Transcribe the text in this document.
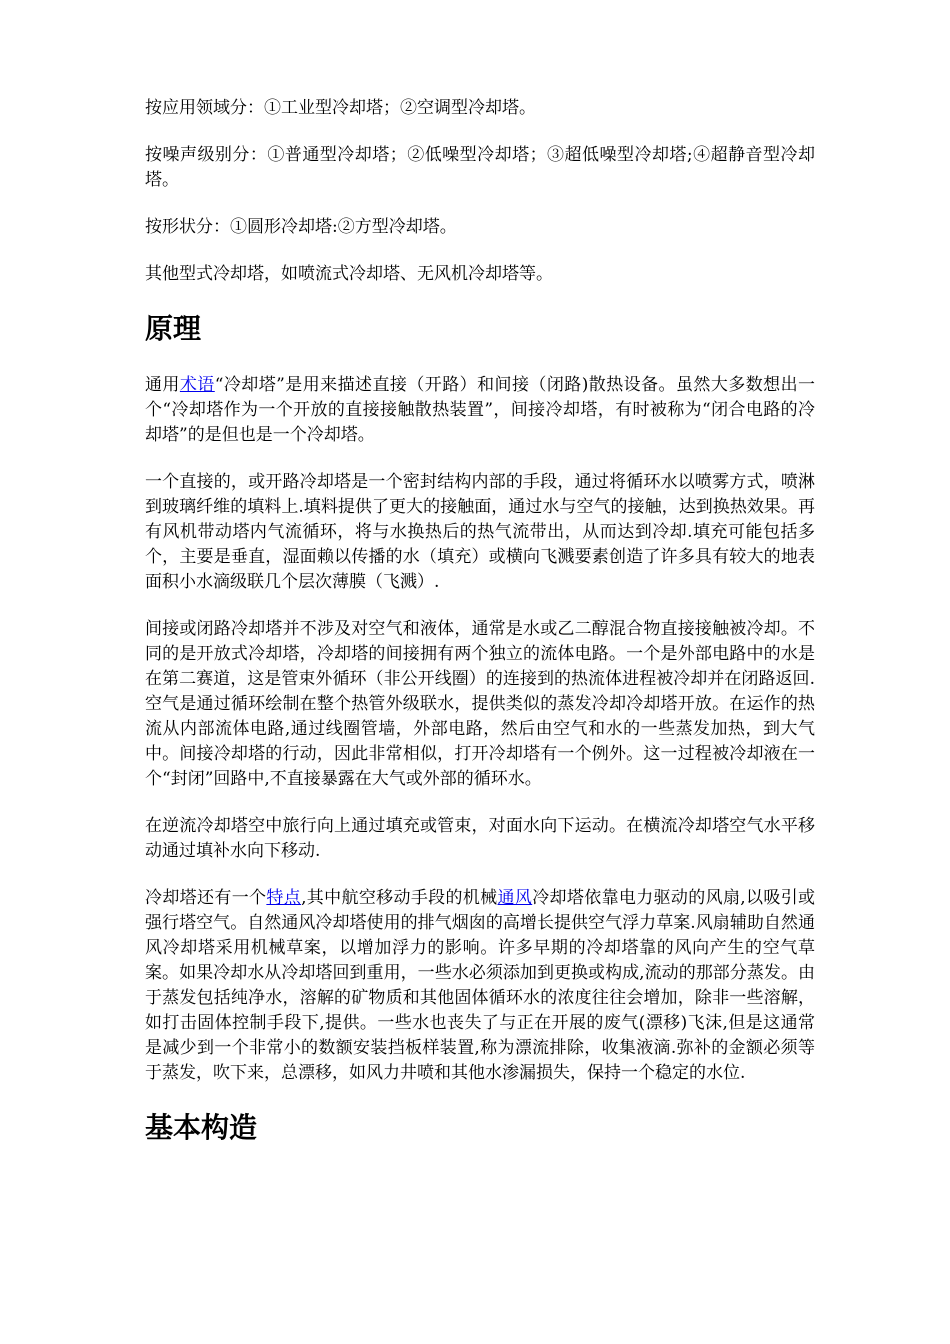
按应用领域分：①工业型冷却塔；②空调型冷却塔。

按噪声级别分：①普通型冷却塔；②低噪型冷却塔；③超低噪型冷却塔;④超静音型冷却塔。

按形状分：①圆形冷却塔:②方型冷却塔。

其他型式冷却塔，如喷流式冷却塔、无风机冷却塔等。

原理

通用术语“冷却塔”是用来描述直接（开路）和间接（闭路)散热设备。虽然大多数想出一个“冷却塔作为一个开放的直接接触散热装置”，间接冷却塔，有时被称为“闭合电路的冷却塔”的是但也是一个冷却塔。

一个直接的，或开路冷却塔是一个密封结构内部的手段，通过将循环水以喷雾方式，喷淋到玻璃纤维的填料上.填料提供了更大的接触面，通过水与空气的接触，达到换热效果。再有风机带动塔内气流循环，将与水换热后的热气流带出，从而达到冷却.填充可能包括多个，主要是垂直，湿面赖以传播的水（填充）或横向飞溅要素创造了许多具有较大的地表面积小水滴级联几个层次薄膜（飞溅）.

间接或闭路冷却塔并不涉及对空气和液体，通常是水或乙二醇混合物直接接触被冷却。不同的是开放式冷却塔，冷却塔的间接拥有两个独立的流体电路。一个是外部电路中的水是在第二赛道，这是管束外循环（非公开线圈）的连接到的热流体进程被冷却并在闭路返回.空气是通过循环绘制在整个热管外级联水，提供类似的蒸发冷却冷却塔开放。在运作的热流从内部流体电路,通过线圈管墙，外部电路，然后由空气和水的一些蒸发加热，到大气中。间接冷却塔的行动，因此非常相似，打开冷却塔有一个例外。这一过程被冷却液在一个“封闭”回路中,不直接暴露在大气或外部的循环水。

在逆流冷却塔空中旅行向上通过填充或管束，对面水向下运动。在横流冷却塔空气水平移动通过填补水向下移动.

冷却塔还有一个特点,其中航空移动手段的机械通风冷却塔依靠电力驱动的风扇,以吸引或强行塔空气。自然通风冷却塔使用的排气烟囱的高增长提供空气浮力草案.风扇辅助自然通风冷却塔采用机械草案，以增加浮力的影响。许多早期的冷却塔靠的风向产生的空气草案。如果冷却水从冷却塔回到重用，一些水必须添加到更换或构成,流动的那部分蒸发。由于蒸发包括纯净水，溶解的矿物质和其他固体循环水的浓度往往会增加，除非一些溶解，如打击固体控制手段下,提供。一些水也丧失了与正在开展的废气(漂移)飞沫,但是这通常是减少到一个非常小的数额安装挡板样装置,称为漂流排除，收集液滴.弥补的金额必须等于蒸发，吹下来，总漂移，如风力井喷和其他水渗漏损失，保持一个稳定的水位.

基本构造
